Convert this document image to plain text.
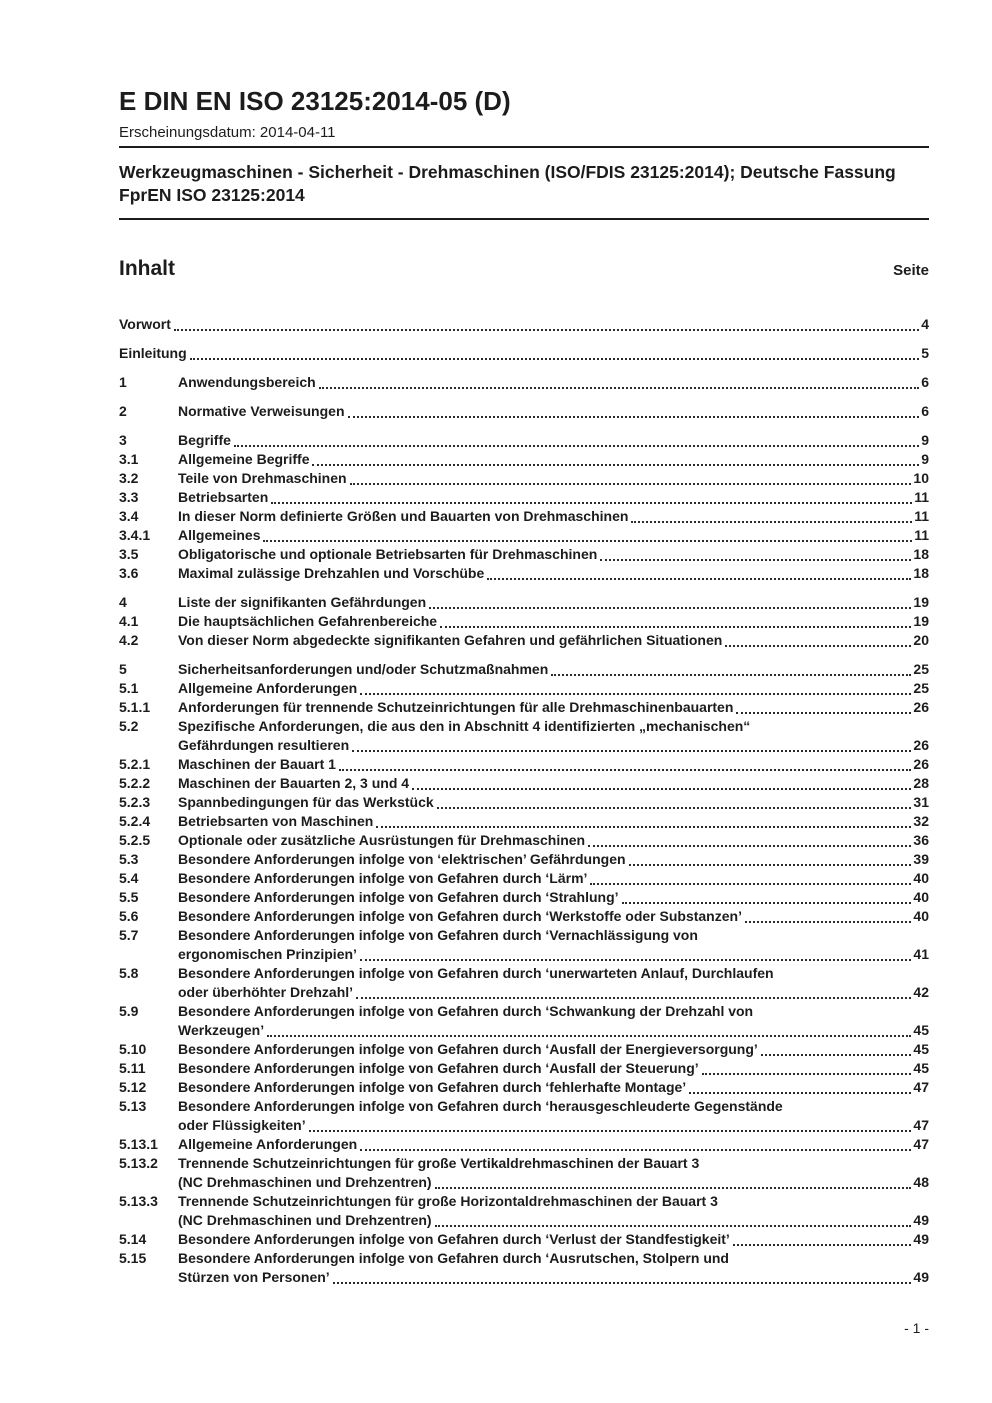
E DIN EN ISO 23125:2014-05 (D)
Erscheinungsdatum: 2014-04-11
Werkzeugmaschinen - Sicherheit - Drehmaschinen (ISO/FDIS 23125:2014); Deutsche Fassung FprEN ISO 23125:2014
Inhalt	Seite
Vorwort	4
Einleitung	5
1	Anwendungsbereich	6
2	Normative Verweisungen	6
3	Begriffe	9
3.1	Allgemeine Begriffe	9
3.2	Teile von Drehmaschinen	10
3.3	Betriebsarten	11
3.4	In dieser Norm definierte Größen und Bauarten von Drehmaschinen	11
3.4.1	Allgemeines	11
3.5	Obligatorische und optionale Betriebsarten für Drehmaschinen	18
3.6	Maximal zulässige Drehzahlen und Vorschübe	18
4	Liste der signifikanten Gefährdungen	19
4.1	Die hauptsächlichen Gefahrenbereiche	19
4.2	Von dieser Norm abgedeckte signifikanten Gefahren und gefährlichen Situationen	20
5	Sicherheitsanforderungen und/oder Schutzmaßnahmen	25
5.1	Allgemeine Anforderungen	25
5.1.1	Anforderungen für trennende Schutzeinrichtungen für alle Drehmaschinenbauarten	26
5.2	Spezifische Anforderungen, die aus den in Abschnitt 4 identifizierten „mechanischen“
Gefährdungen resultieren	26
5.2.1	Maschinen der Bauart 1	26
5.2.2	Maschinen der Bauarten 2, 3 und 4	28
5.2.3	Spannbedingungen für das Werkstück	31
5.2.4	Betriebsarten von Maschinen	32
5.2.5	Optionale oder zusätzliche Ausrüstungen für Drehmaschinen	36
5.3	Besondere Anforderungen infolge von ‘elektrischen’ Gefährdungen	39
5.4	Besondere Anforderungen infolge von Gefahren durch ‘Lärm’	40
5.5	Besondere Anforderungen infolge von Gefahren durch ‘Strahlung’	40
5.6	Besondere Anforderungen infolge von Gefahren durch ‘Werkstoffe oder Substanzen’	40
5.7	Besondere Anforderungen infolge von Gefahren durch ‘Vernachlässigung von
ergonomischen Prinzipien’	41
5.8	Besondere Anforderungen infolge von Gefahren durch ‘unerwarteten Anlauf, Durchlaufen
oder überhöhter Drehzahl’	42
5.9	Besondere Anforderungen infolge von Gefahren durch ‘Schwankung der Drehzahl von
Werkzeugen’	45
5.10	Besondere Anforderungen infolge von Gefahren durch ‘Ausfall der Energieversorgung’	45
5.11	Besondere Anforderungen infolge von Gefahren durch ‘Ausfall der Steuerung’	45
5.12	Besondere Anforderungen infolge von Gefahren durch ‘fehlerhafte Montage’	47
5.13	Besondere Anforderungen infolge von Gefahren durch ‘herausgeschleuderte Gegenstände
oder Flüssigkeiten’	47
5.13.1	Allgemeine Anforderungen	47
5.13.2	Trennende Schutzeinrichtungen für große Vertikaldrehmaschinen der Bauart 3
(NC Drehmaschinen und Drehzentren)	48
5.13.3	Trennende Schutzeinrichtungen für große Horizontaldrehmaschinen der Bauart 3
(NC Drehmaschinen und Drehzentren)	49
5.14	Besondere Anforderungen infolge von Gefahren durch ‘Verlust der Standfestigkeit’	49
5.15	Besondere Anforderungen infolge von Gefahren durch ‘Ausrutschen, Stolpern und
Stürzen von Personen’	49
- 1 -
